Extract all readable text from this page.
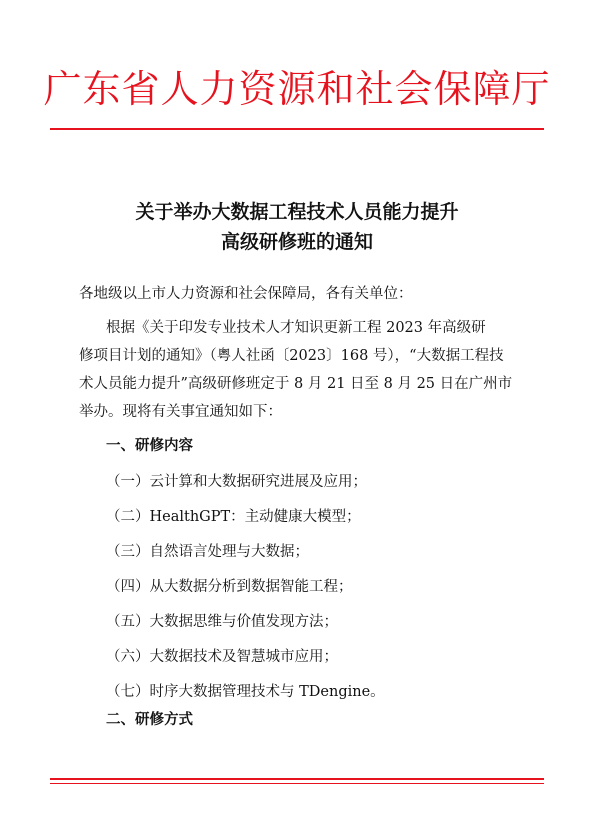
广东省人力资源和社会保障厅
关于举办大数据工程技术人员能力提升
高级研修班的通知
各地级以上市人力资源和社会保障局，各有关单位：
根据《关于印发专业技术人才知识更新工程 2023 年高级研
修项目计划的通知》（粤人社函〔2023〕168 号），“大数据工程技
术人员能力提升”高级研修班定于 8 月 21 日至 8 月 25 日在广州市
举办。现将有关事宜通知如下：
一、研修内容
（一）云计算和大数据研究进展及应用；
（二）HealthGPT：主动健康大模型；
（三）自然语言处理与大数据；
（四）从大数据分析到数据智能工程；
（五）大数据思维与价值发现方法；
（六）大数据技术及智慧城市应用；
（七）时序大数据管理技术与 TDengine。
二、研修方式
